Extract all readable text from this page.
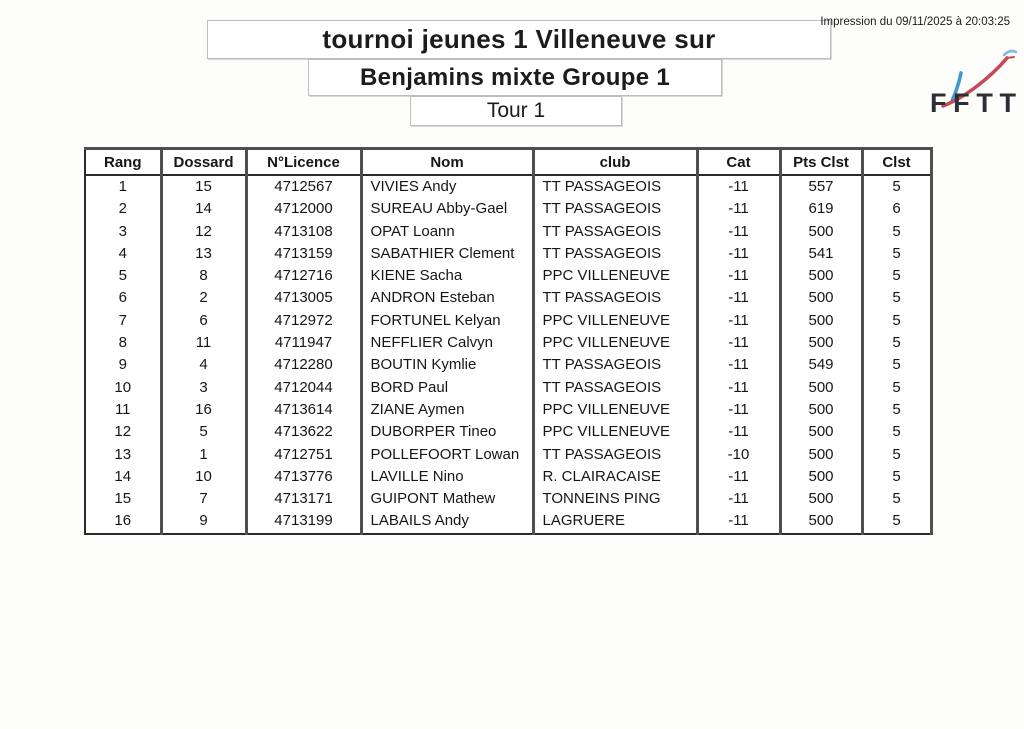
tournoi jeunes 1 Villeneuve sur
Benjamins mixte Groupe 1
Tour 1
Impression du 09/11/2025 à 20:03:25
FFTT
Rang	Dossard	N°Licence	Nom	club	Cat	Pts Clst	Clst
1	15	4712567	VIVIES Andy	TT PASSAGEOIS	-11	557	5
2	14	4712000	SUREAU Abby-Gael	TT PASSAGEOIS	-11	619	6
3	12	4713108	OPAT Loann	TT PASSAGEOIS	-11	500	5
4	13	4713159	SABATHIER Clement	TT PASSAGEOIS	-11	541	5
5	8	4712716	KIENE Sacha	PPC VILLENEUVE	-11	500	5
6	2	4713005	ANDRON Esteban	TT PASSAGEOIS	-11	500	5
7	6	4712972	FORTUNEL Kelyan	PPC VILLENEUVE	-11	500	5
8	11	4711947	NEFFLIER Calvyn	PPC VILLENEUVE	-11	500	5
9	4	4712280	BOUTIN Kymlie	TT PASSAGEOIS	-11	549	5
10	3	4712044	BORD Paul	TT PASSAGEOIS	-11	500	5
11	16	4713614	ZIANE Aymen	PPC VILLENEUVE	-11	500	5
12	5	4713622	DUBORPER Tineo	PPC VILLENEUVE	-11	500	5
13	1	4712751	POLLEFOORT Lowan	TT PASSAGEOIS	-10	500	5
14	10	4713776	LAVILLE Nino	R. CLAIRACAISE	-11	500	5
15	7	4713171	GUIPONT Mathew	TONNEINS PING	-11	500	5
16	9	4713199	LABAILS Andy	LAGRUERE	-11	500	5
